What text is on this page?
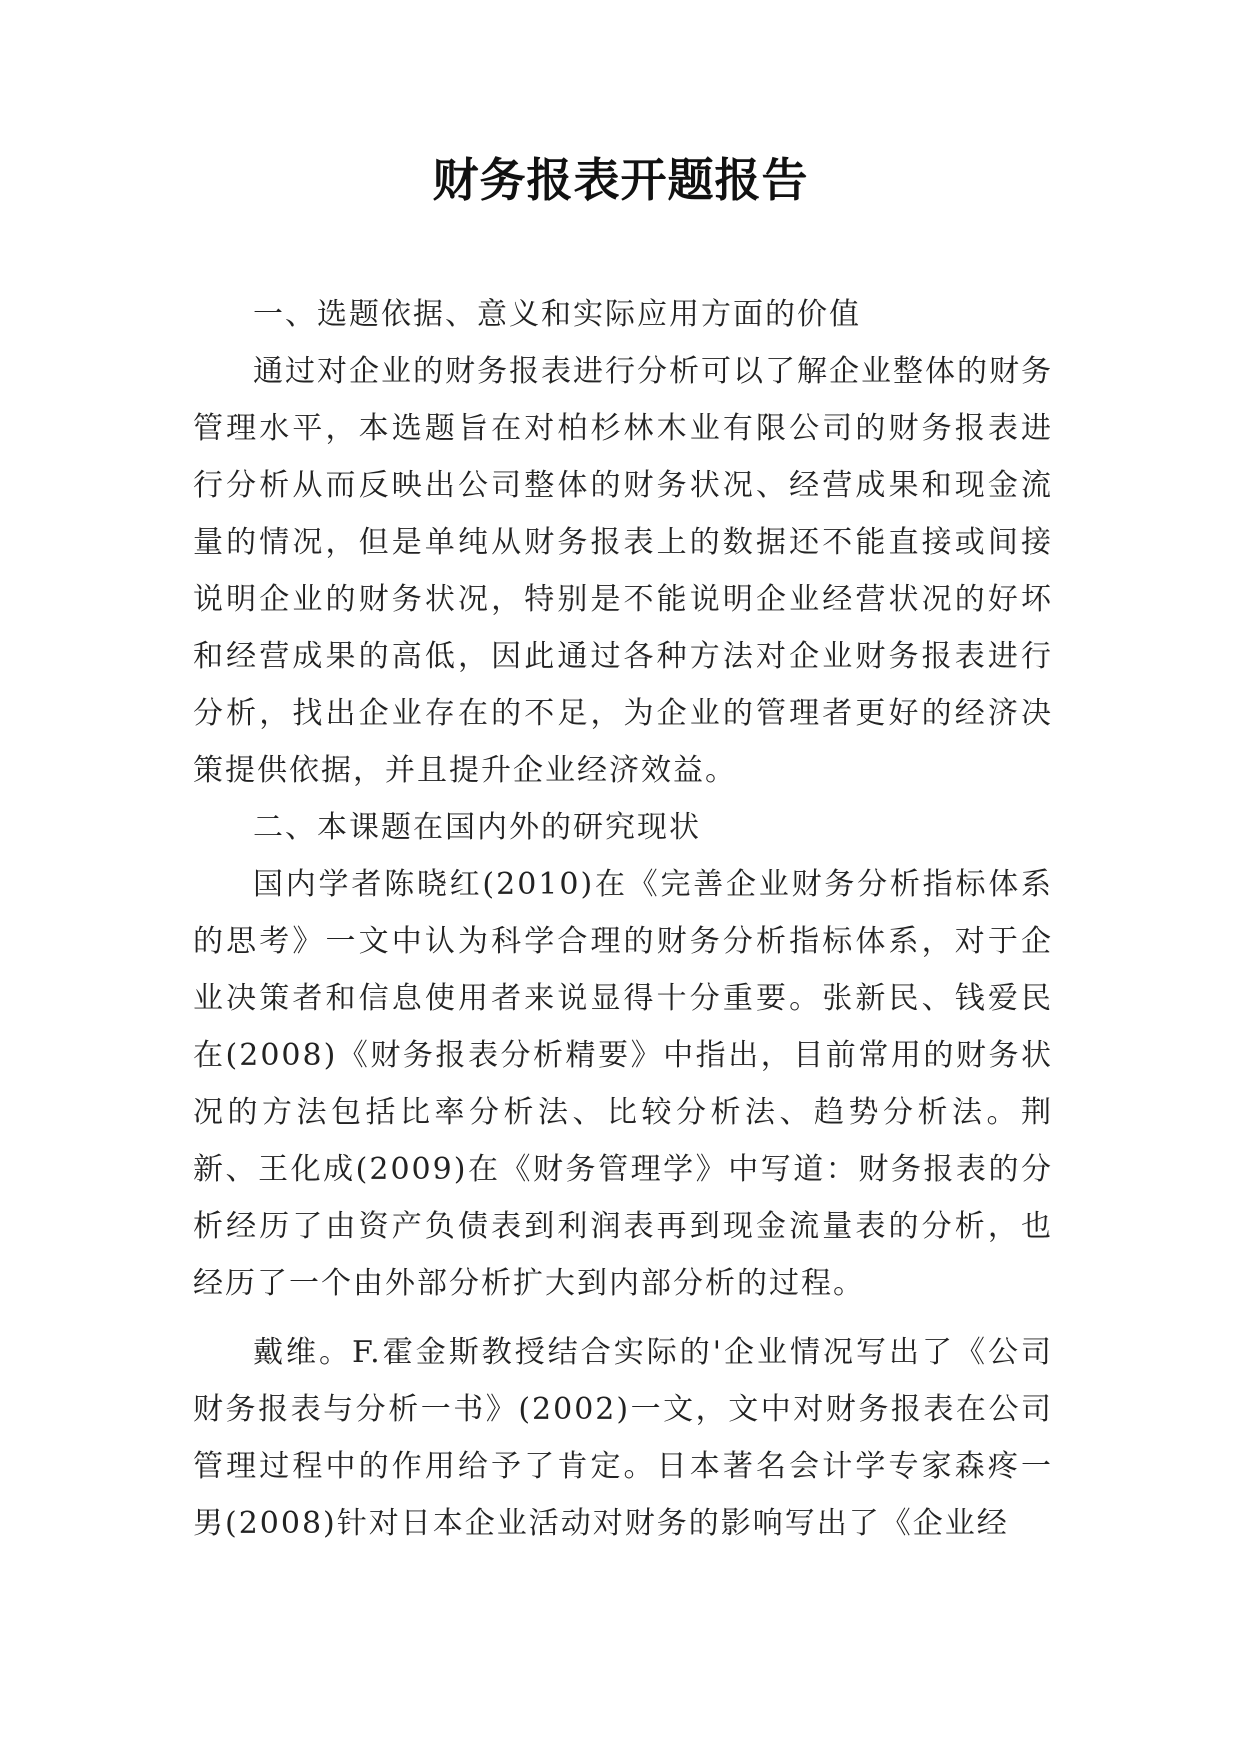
财务报表开题报告

一、选题依据、意义和实际应用方面的价值

通过对企业的财务报表进行分析可以了解企业整体的财务管理水平，本选题旨在对柏杉林木业有限公司的财务报表进行分析从而反映出公司整体的财务状况、经营成果和现金流量的情况，但是单纯从财务报表上的数据还不能直接或间接说明企业的财务状况，特别是不能说明企业经营状况的好坏和经营成果的高低，因此通过各种方法对企业财务报表进行分析，找出企业存在的不足，为企业的管理者更好的经济决策提供依据，并且提升企业经济效益。

二、本课题在国内外的研究现状

国内学者陈晓红(2010)在《完善企业财务分析指标体系的思考》一文中认为科学合理的财务分析指标体系，对于企业决策者和信息使用者来说显得十分重要。张新民、钱爱民在(2008)《财务报表分析精要》中指出，目前常用的财务状况的方法包括比率分析法、比较分析法、趋势分析法。荆新、王化成(2009)在《财务管理学》中写道：财务报表的分析经历了由资产负债表到利润表再到现金流量表的分析，也经历了一个由外部分析扩大到内部分析的过程。

戴维。F.霍金斯教授结合实际的'企业情况写出了《公司财务报表与分析一书》(2002)一文，文中对财务报表在公司管理过程中的作用给予了肯定。日本著名会计学专家森疼一男(2008)针对日本企业活动对财务的影响写出了《企业经
